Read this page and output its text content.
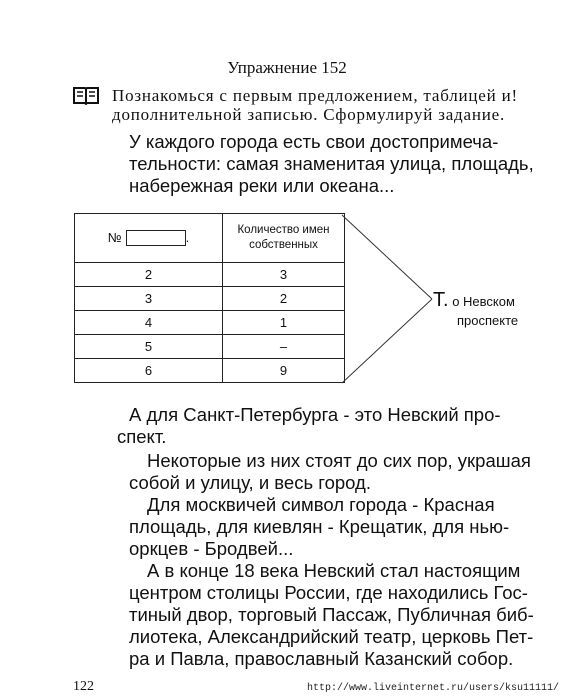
Упражнение 152
Познакомься с первым предложением, таблицей и!
дополнительной записью. Сформулируй задание.
У каждого города есть свои достопримеча-
тельности: самая знаменитая улица, площадь,
набережная реки или океана...
№ .	Количество имен
собственных

2	3
3	2
4	1
5	–
6	9
Т. о Невском
проспекте
А для Санкт-Петербурга - это Невский про-
спект.
Некоторые из них стоят до сих пор, украшая
собой и улицу, и весь город.
Для москвичей символ города - Красная
площадь, для киевлян - Крещатик, для нью-
оркцев - Бродвей...
А в конце 18 века Невский стал настоящим
центром столицы России, где находились Гос-
тиный двор, торговый Пассаж, Публичная биб-
лиотека, Александрийский театр, церковь Пет-
ра и Павла, православный Казанский собор.
122	http://www.liveinternet.ru/users/ksu11111/
